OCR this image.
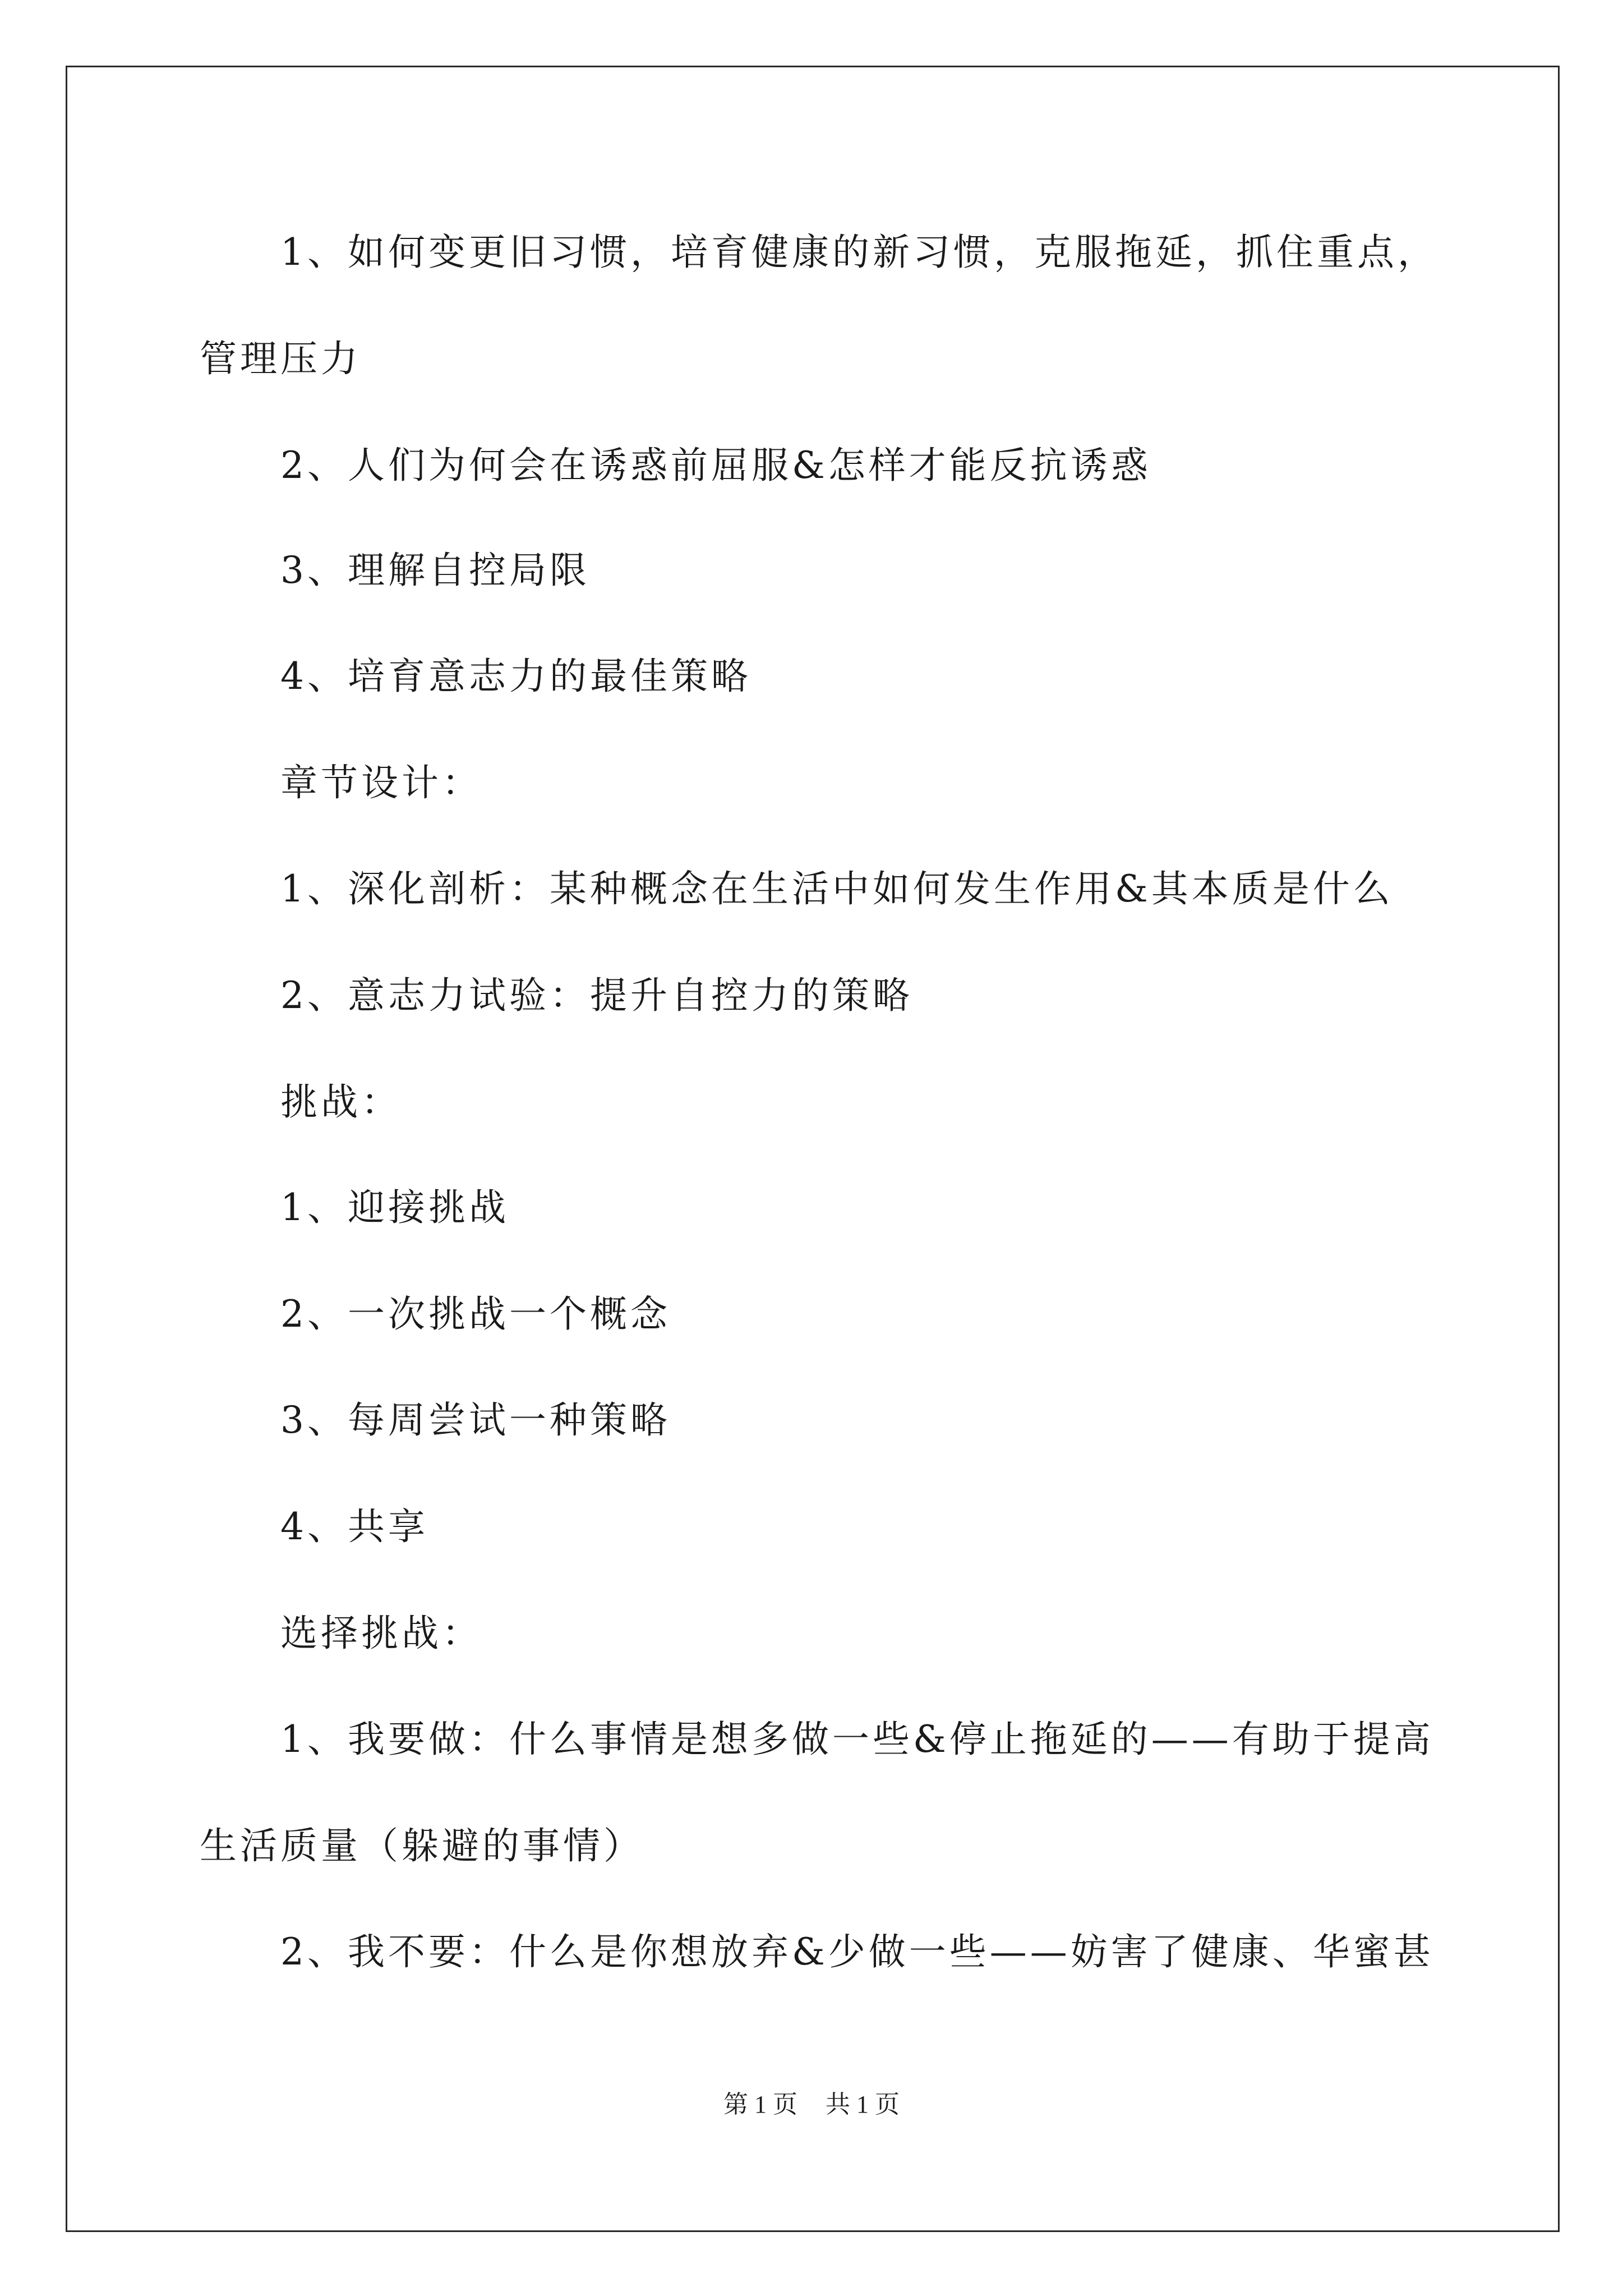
1、如何变更旧习惯，培育健康的新习惯，克服拖延，抓住重点，
管理压力
2、人们为何会在诱惑前屈服&怎样才能反抗诱惑
3、理解自控局限
4、培育意志力的最佳策略
章节设计：
1、深化剖析：某种概念在生活中如何发生作用&其本质是什么
2、意志力试验：提升自控力的策略
挑战：
1、迎接挑战
2、一次挑战一个概念
3、每周尝试一种策略
4、共享
选择挑战：
1、我要做：什么事情是想多做一些&停止拖延的——有助于提高
生活质量（躲避的事情）
2、我不要：什么是你想放弃&少做一些——妨害了健康、华蜜甚
第 1 页 共 1 页
